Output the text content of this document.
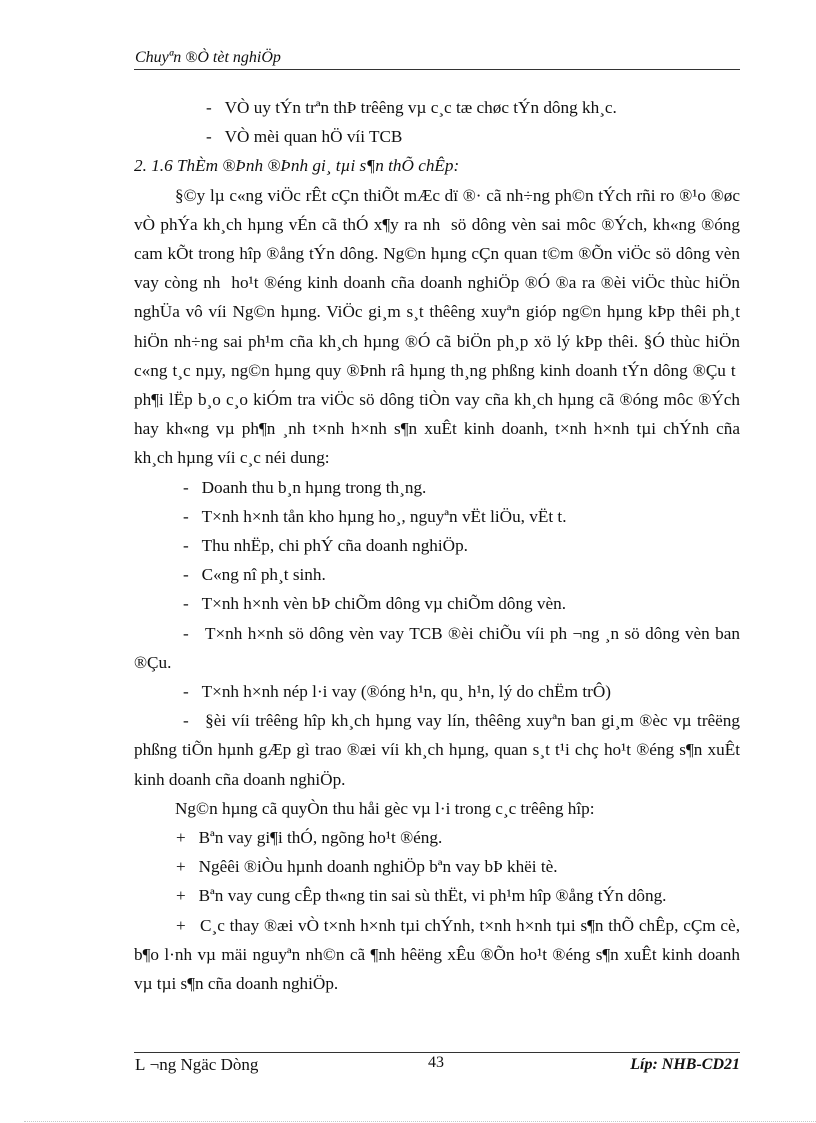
Chuyªn ®Ò tèt nghiÖp

-   VÒ uy tÝn trªn thÞ trêêng vµ c¸c tæ chøc tÝn dông kh¸c.

-   VÒ mèi quan hÖ víi TCB

2. 1.6 ThÈm ®Þnh ®Þnh gi¸ tµi s¶n thÕ chÊp:

§©y lµ c«ng viÖc rÊt cÇn thiÕt mÆc dï ®· cã nh÷ng ph©n tÝch rñi ro ®¹o ®øc vÒ phÝa kh¸ch hµng vÉn cã thÓ x¶y ra nh  sö dông vèn sai môc ®Ých, kh«ng ®óng cam kÕt trong hîp ®ång tÝn dông. Ng©n hµng cÇn quan t©m ®Õn viÖc sö dông vèn vay còng nh  ho¹t ®éng kinh doanh cña doanh nghiÖp ®Ó ®a ra ®èi viÖc thùc hiÖn nghÜa vô víi Ng©n hµng. ViÖc gi¸m s¸t thêêng xuyªn gióp ng©n hµng kÞp thêi ph¸t hiÖn nh÷ng sai ph¹m cña kh¸ch hµng ®Ó cã biÖn ph¸p xö lý kÞp thêi. §Ó thùc hiÖn c«ng t¸c nµy, ng©n hµng quy ®Þnh râ hµng th¸ng phßng kinh doanh tÝn dông ®Çu t  ph¶i lËp b¸o c¸o kiÓm tra viÖc sö dông tiÒn vay cña kh¸ch hµng cã ®óng môc ®Ých hay kh«ng vµ ph¶n ¸nh t×nh h×nh s¶n xuÊt kinh doanh, t×nh h×nh tµi chÝnh cña kh¸ch hµng víi c¸c néi dung:

-   Doanh thu b¸n hµng trong th¸ng.

-   T×nh h×nh tån kho hµng ho¸, nguyªn vËt liÖu, vËt t.

-   Thu nhËp, chi phÝ cña doanh nghiÖp.

-   C«ng nî ph¸t sinh.

-   T×nh h×nh vèn bÞ chiÕm dông vµ chiÕm dông vèn.

-   T×nh h×nh sö dông vèn vay TCB ®èi chiÕu víi ph ¬ng ¸n sö dông vèn ban ®Çu.

-   T×nh h×nh nép l·i vay (®óng h¹n, qu¸ h¹n, lý do chËm trÔ)

-   §èi víi trêêng hîp kh¸ch hµng vay lín, thêêng xuyªn ban gi¸m ®èc vµ trêëng phßng tiÕn hµnh gÆp gì trao ®æi víi kh¸ch hµng, quan s¸t t¹i chç ho¹t ®éng s¶n xuÊt kinh doanh cña doanh nghiÖp.

Ng©n hµng cã quyÒn thu håi gèc vµ l·i trong c¸c trêêng hîp:

+   Bªn vay gi¶i thÓ, ngõng ho¹t ®éng.

+   Ngêêi ®iÒu hµnh doanh nghiÖp bªn vay bÞ khëi tè.

+   Bªn vay cung cÊp th«ng tin sai sù thËt, vi ph¹m hîp ®ång tÝn dông.

+   C¸c thay ®æi vÒ t×nh h×nh tµi chÝnh, t×nh h×nh tµi s¶n thÕ chÊp, cÇm cè, b¶o l·nh vµ mäi nguyªn nh©n cã ¶nh hêëng xÊu ®Õn ho¹t ®éng s¶n xuÊt kinh doanh vµ tµi s¶n cña doanh nghiÖp.

L ¬ng Ngäc Dòng	43	Líp: NHB-CD21
